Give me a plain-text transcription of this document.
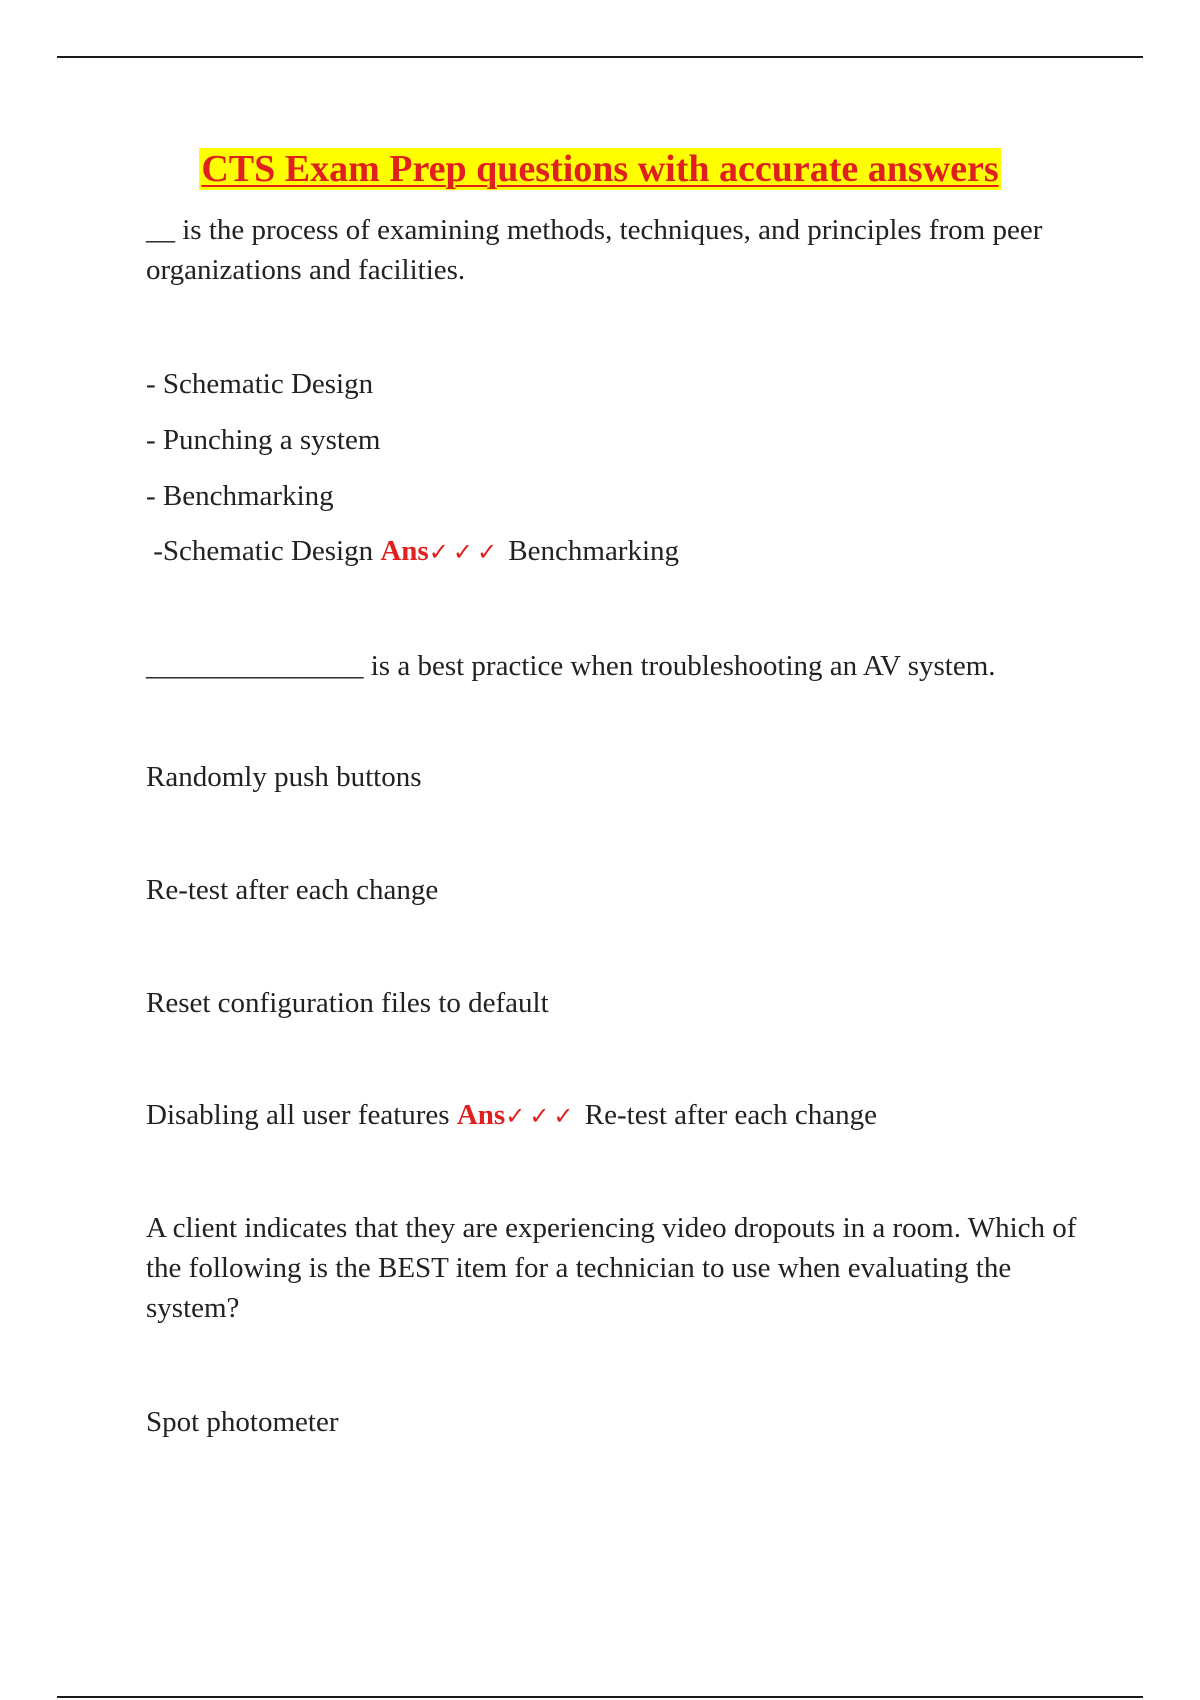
CTS Exam Prep questions with accurate answers

__ is the process of examining methods, techniques, and principles from peer organizations and facilities.

- Schematic Design

- Punching a system

- Benchmarking

-Schematic Design Ans✓✓✓ Benchmarking

_______________ is a best practice when troubleshooting an AV system.

Randomly push buttons

Re-test after each change

Reset configuration files to default

Disabling all user features Ans✓✓✓ Re-test after each change

A client indicates that they are experiencing video dropouts in a room. Which of the following is the BEST item for a technician to use when evaluating the system?

Spot photometer
